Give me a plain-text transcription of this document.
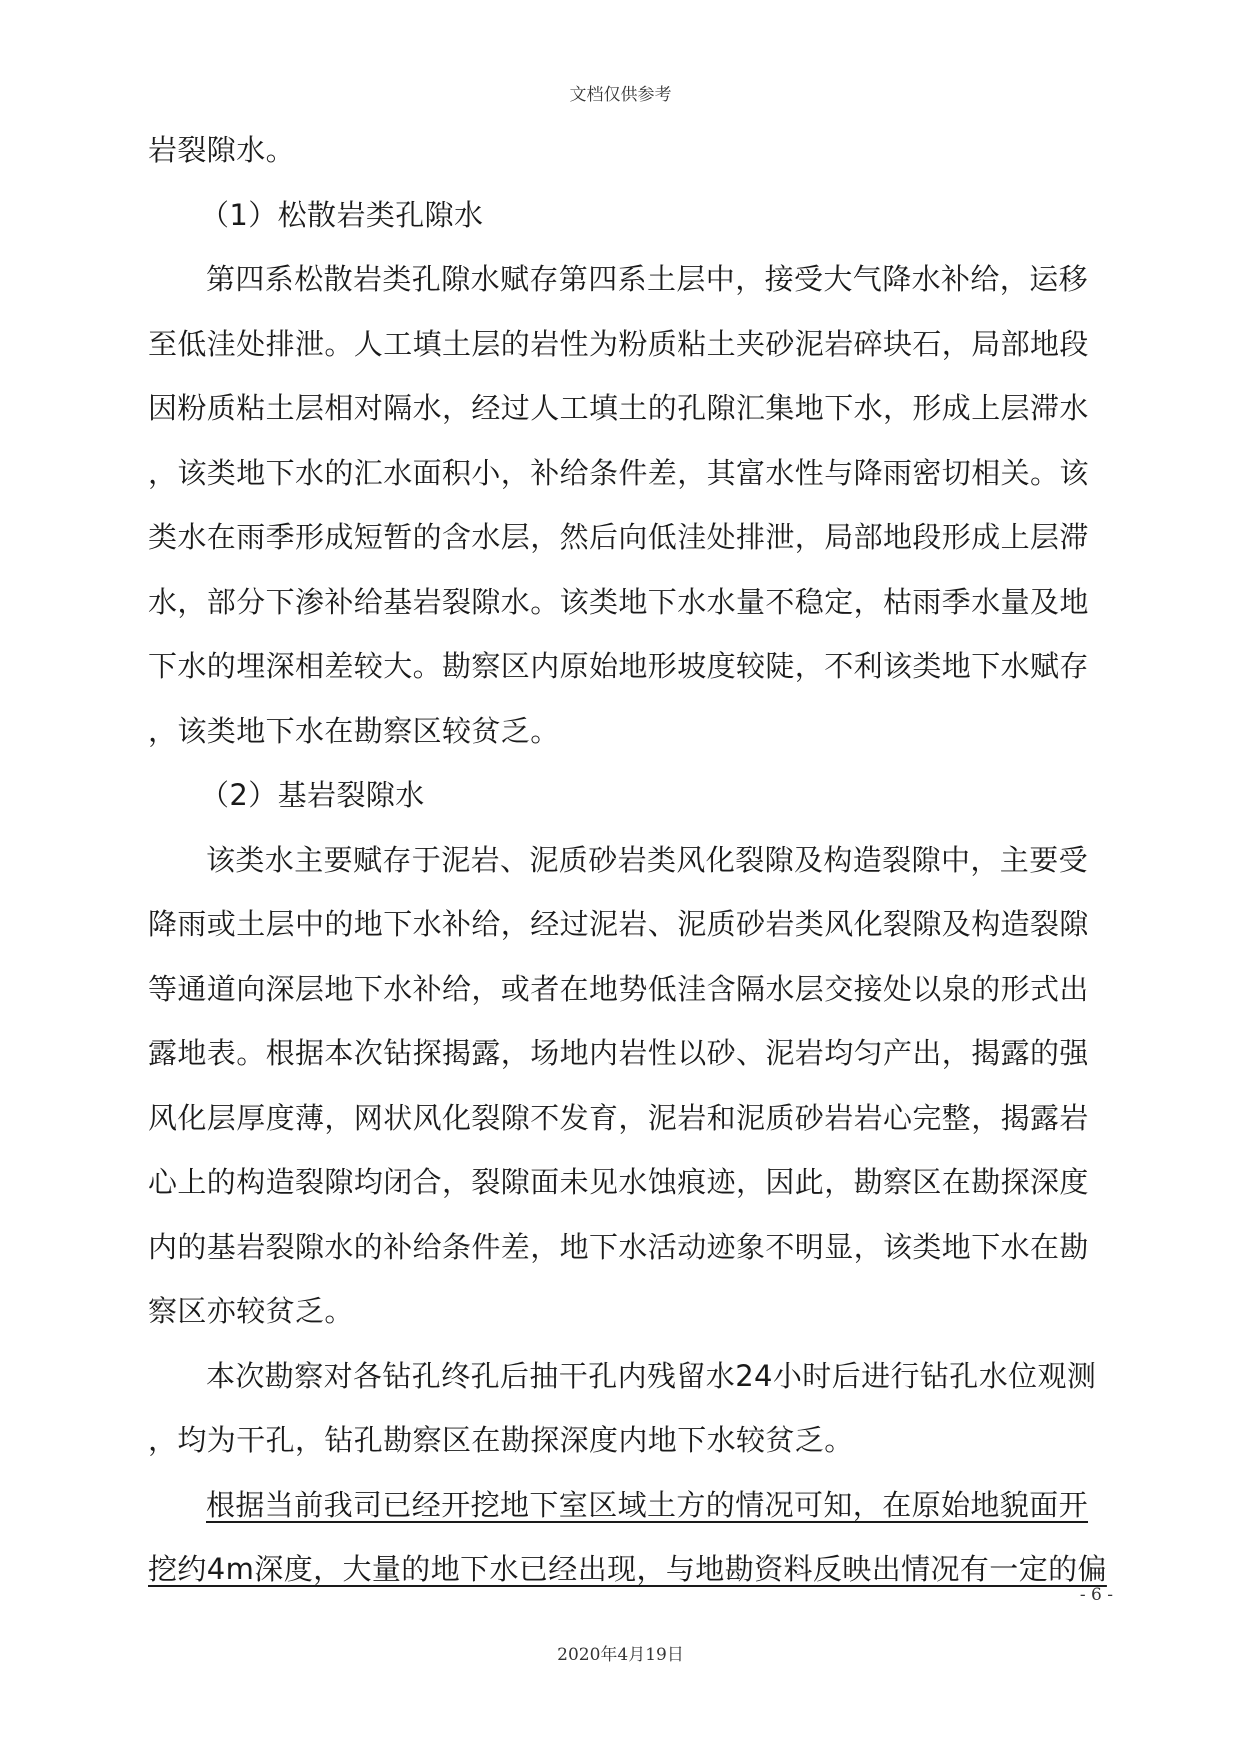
文档仅供参考
岩裂隙水。
（1）松散岩类孔隙水
第四系松散岩类孔隙水赋存第四系土层中，接受大气降水补给，运移
至低洼处排泄。人工填土层的岩性为粉质粘土夹砂泥岩碎块石，局部地段
因粉质粘土层相对隔水，经过人工填土的孔隙汇集地下水，形成上层滞水
，该类地下水的汇水面积小，补给条件差，其富水性与降雨密切相关。该
类水在雨季形成短暂的含水层，然后向低洼处排泄，局部地段形成上层滞
水，部分下渗补给基岩裂隙水。该类地下水水量不稳定，枯雨季水量及地
下水的埋深相差较大。勘察区内原始地形坡度较陡，不利该类地下水赋存
，该类地下水在勘察区较贫乏。
（2）基岩裂隙水
该类水主要赋存于泥岩、泥质砂岩类风化裂隙及构造裂隙中，主要受
降雨或土层中的地下水补给，经过泥岩、泥质砂岩类风化裂隙及构造裂隙
等通道向深层地下水补给，或者在地势低洼含隔水层交接处以泉的形式出
露地表。根据本次钻探揭露，场地内岩性以砂、泥岩均匀产出，揭露的强
风化层厚度薄，网状风化裂隙不发育，泥岩和泥质砂岩岩心完整，揭露岩
心上的构造裂隙均闭合，裂隙面未见水蚀痕迹，因此，勘察区在勘探深度
内的基岩裂隙水的补给条件差，地下水活动迹象不明显，该类地下水在勘
察区亦较贫乏。
本次勘察对各钻孔终孔后抽干孔内残留水24小时后进行钻孔水位观测
，均为干孔，钻孔勘察区在勘探深度内地下水较贫乏。
根据当前我司已经开挖地下室区域土方的情况可知，在原始地貌面开
挖约4m深度，大量的地下水已经出现，与地勘资料反映出情况有一定的偏
- 6 -
2020年4月19日
